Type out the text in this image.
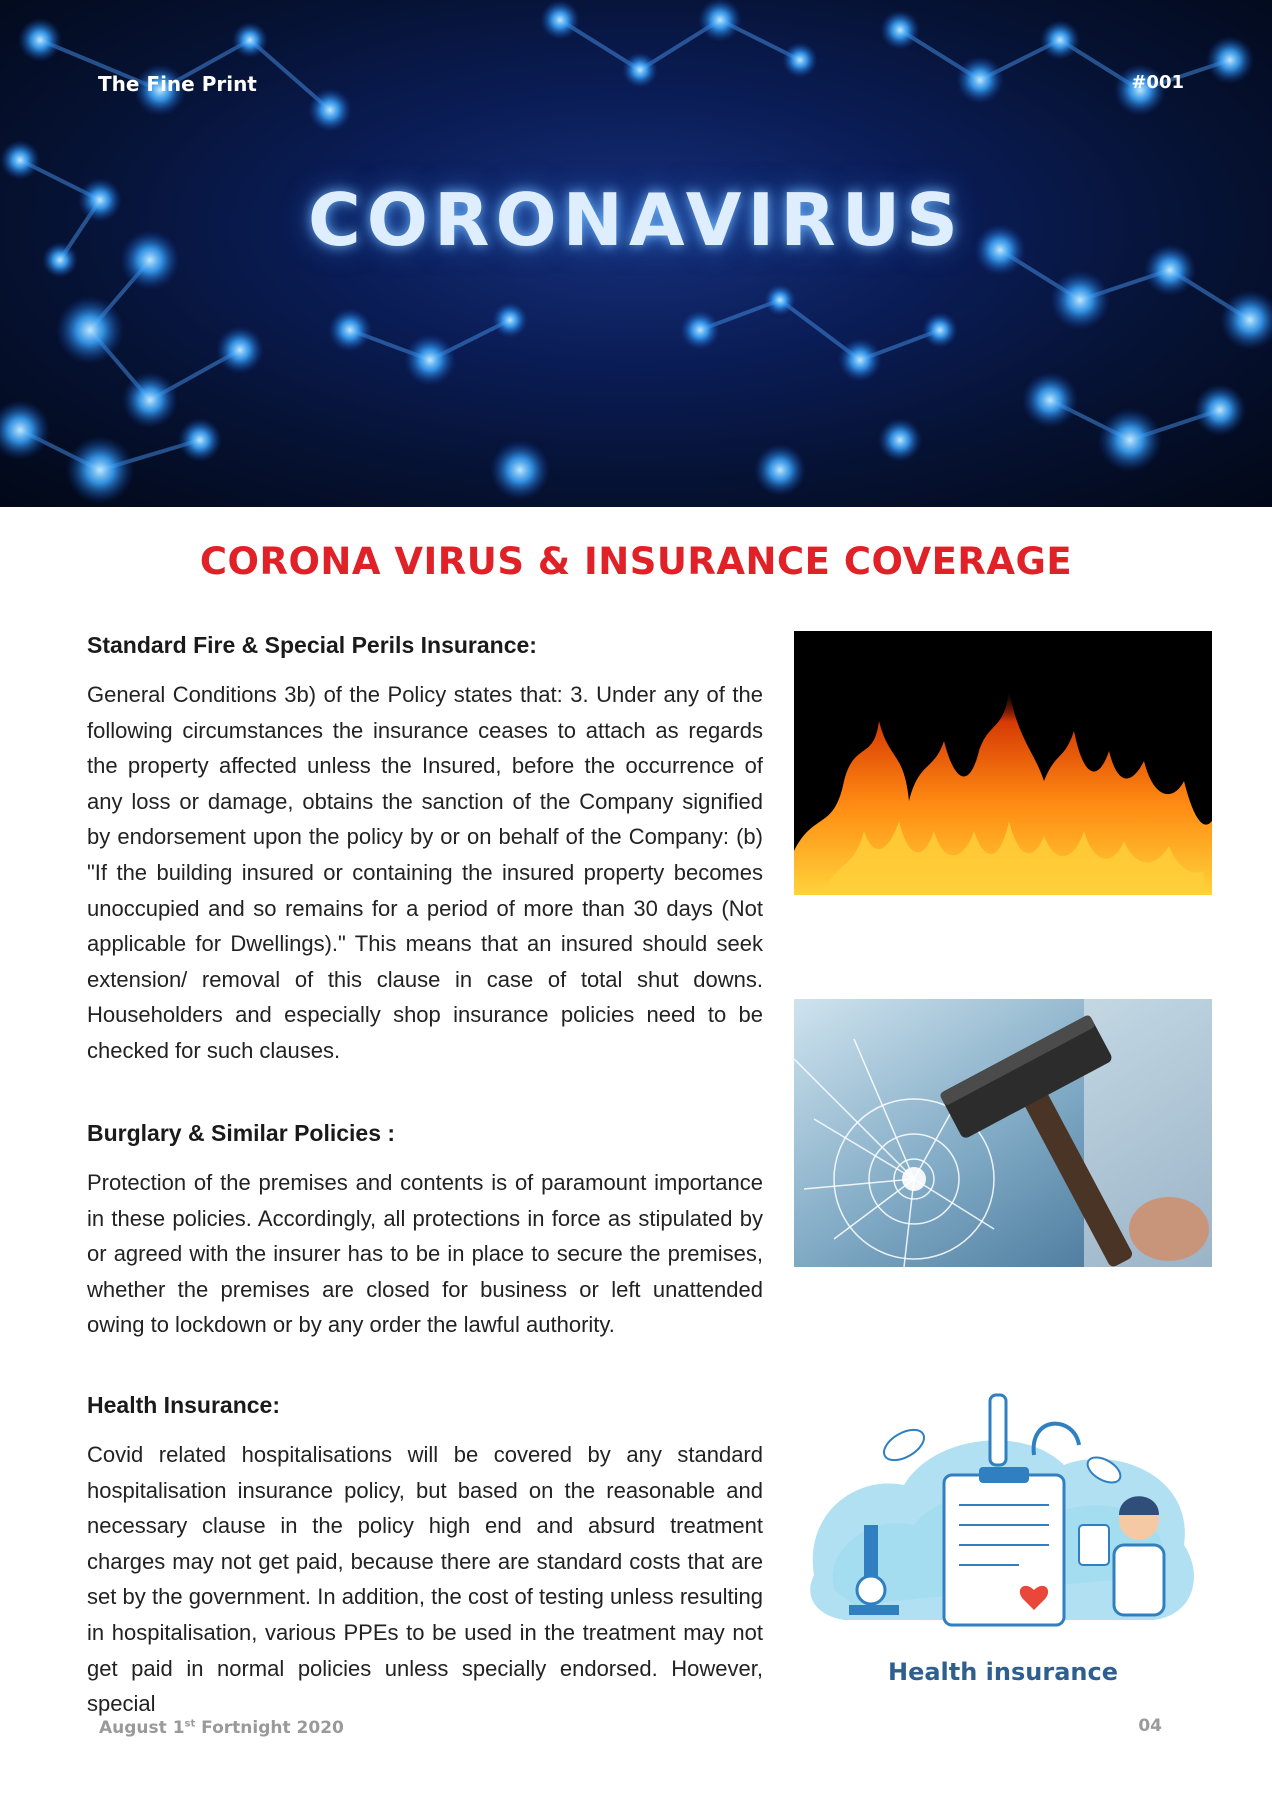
The Fine Print	#001
CORONAVIRUS
CORONA VIRUS & INSURANCE COVERAGE
Standard Fire & Special Perils Insurance:

General Conditions 3b) of the Policy states that: 3. Under any of the following circumstances the insurance ceases to attach as regards the property affected unless the Insured, before the occurrence of any loss or damage, obtains the sanction of the Company signified by endorsement upon the policy by or on behalf of the Company: (b) "If the building insured or containing the insured property becomes unoccupied and so remains for a period of more than 30 days (Not applicable for Dwellings)." This means that an insured should seek extension/ removal of this clause in case of total shut downs. Householders and especially shop insurance policies need to be checked for such clauses.

Burglary & Similar Policies :

Protection of the premises and contents is of paramount importance in these policies. Accordingly, all protections in force as stipulated by or agreed with the insurer has to be in place to secure the premises, whether the premises are closed for business or left unattended owing to lockdown or by any order the lawful authority.

Health Insurance:

Covid related hospitalisations will be covered by any standard hospitalisation insurance policy, but based on the reasonable and necessary clause in the policy high end and absurd treatment charges may not get paid, because there are standard costs that are set by the government. In addition, the cost of testing unless resulting in hospitalisation, various PPEs to be used in the treatment may not get paid in normal policies unless specially endorsed. However, special

Health insurance
August 1st Fortnight 2020	04
